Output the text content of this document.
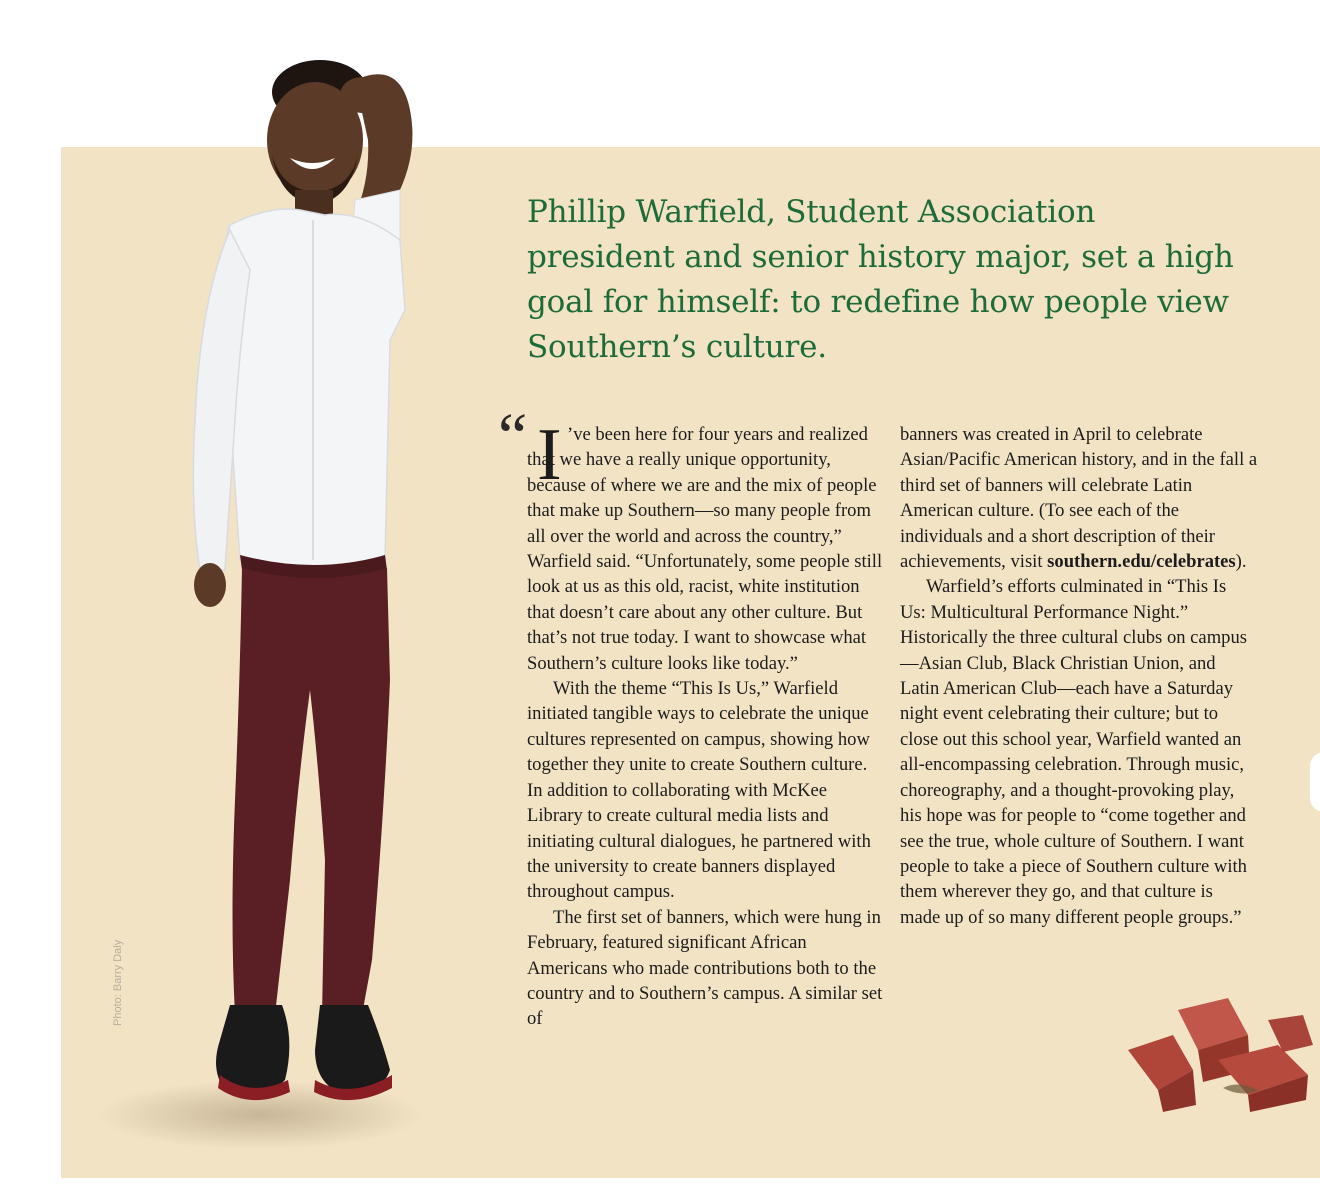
Photo: Barry Daly
Phillip Warfield, Student Association president and senior history major, set a high goal for himself: to redefine how people view Southern’s culture.
“ I ’ve been here for four years and realized that we have a really unique opportunity, because of where we are and the mix of people that make up Southern—so many people from all over the world and across the country,” Warfield said. “Unfortunately, some people still look at us as this old, racist, white institution that doesn’t care about any other culture. But that’s not true today. I want to showcase what Southern’s culture looks like today.”

With the theme “This Is Us,” Warfield initiated tangible ways to celebrate the unique cultures represented on campus, showing how together they unite to create Southern culture. In addition to collaborating with McKee Library to create cultural media lists and initiating cultural dialogues, he partnered with the university to create banners displayed throughout campus.

The first set of banners, which were hung in February, featured significant African Americans who made contributions both to the country and to Southern’s campus. A similar set of

banners was created in April to celebrate Asian/Pacific American history, and in the fall a third set of banners will celebrate Latin American culture. (To see each of the individuals and a short description of their achievements, visit southern.edu/celebrates).

Warfield’s efforts culminated in “This Is Us: Multicultural Performance Night.” Historically the three cultural clubs on campus—Asian Club, Black Christian Union, and Latin American Club—each have a Saturday night event celebrating their culture; but to close out this school year, Warfield wanted an all-encompassing celebration. Through music, choreography, and a thought-provoking play, his hope was for people to “come together and see the true, whole culture of Southern. I want people to take a piece of Southern culture with them wherever they go, and that culture is made up of so many different people groups.”
